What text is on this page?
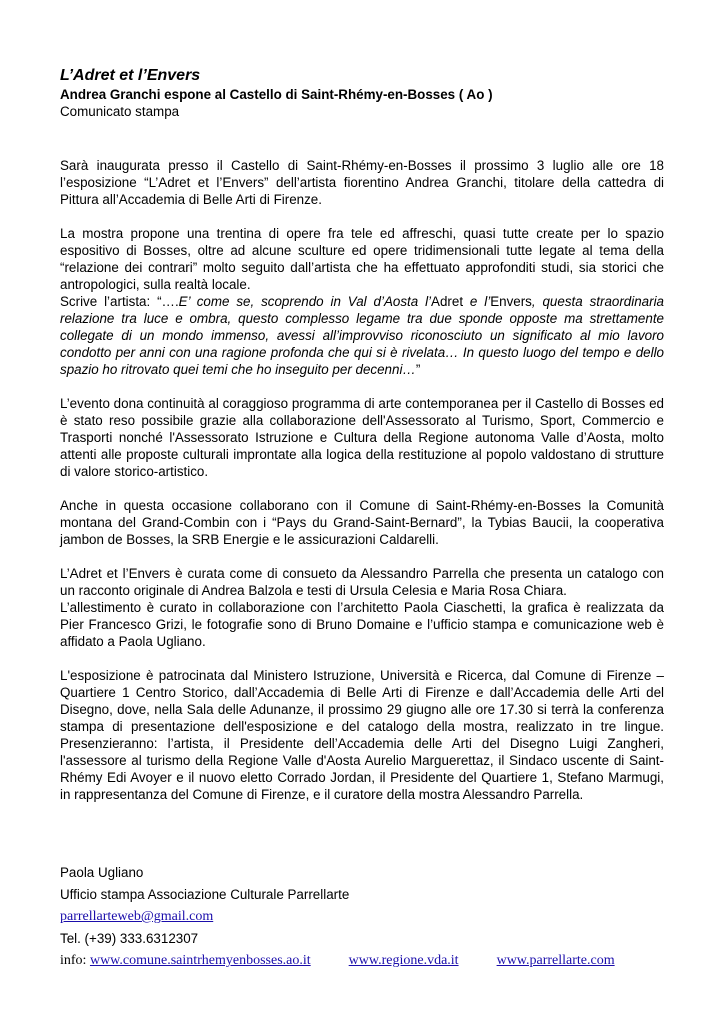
L’Adret et l’Envers

Andrea Granchi espone al Castello di Saint-Rhémy-en-Bosses ( Ao )

Comunicato stampa

Sarà inaugurata presso il Castello di Saint-Rhémy-en-Bosses il prossimo 3 luglio alle ore 18 l’esposizione “L’Adret et l’Envers” dell’artista fiorentino Andrea Granchi, titolare della cattedra di Pittura all’Accademia di Belle Arti di Firenze.

La mostra propone una trentina di opere fra tele ed affreschi, quasi tutte create per lo spazio espositivo di Bosses, oltre ad alcune sculture ed opere tridimensionali tutte legate al tema della “relazione dei contrari” molto seguito dall’artista che ha effettuato approfonditi studi, sia storici che antropologici, sulla realtà locale.

Scrive l’artista: “….E’ come se, scoprendo in Val d’Aosta l’Adret e l’Envers, questa straordinaria relazione tra luce e ombra, questo complesso legame tra due sponde opposte ma strettamente collegate di un mondo immenso, avessi all’improvviso riconosciuto un significato al mio lavoro condotto per anni con una ragione profonda che qui si è rivelata… In questo luogo del tempo e dello spazio ho ritrovato quei temi che ho inseguito per decenni…”

L’evento dona continuità al coraggioso programma di arte contemporanea per il Castello di Bosses ed è stato reso possibile grazie alla collaborazione dell'Assessorato al Turismo, Sport, Commercio e Trasporti nonché l'Assessorato Istruzione e Cultura della Regione autonoma Valle d’Aosta, molto attenti alle proposte culturali improntate alla logica della restituzione al popolo valdostano di strutture di valore storico-artistico.

Anche in questa occasione collaborano con il Comune di Saint-Rhémy-en-Bosses la Comunità montana del Grand-Combin con i “Pays du Grand-Saint-Bernard”, la Tybias Baucii, la cooperativa jambon de Bosses, la SRB Energie e le assicurazioni Caldarelli.

L’Adret et l’Envers è curata come di consueto da Alessandro Parrella che presenta un catalogo con un racconto originale di Andrea Balzola e testi di Ursula Celesia e Maria Rosa Chiara.

L’allestimento è curato in collaborazione con l’architetto Paola Ciaschetti, la grafica è realizzata da Pier Francesco Grizi, le fotografie sono di Bruno Domaine e l’ufficio stampa e comunicazione web è affidato a Paola Ugliano.

L'esposizione è patrocinata dal Ministero Istruzione, Università e Ricerca, dal Comune di Firenze – Quartiere 1 Centro Storico, dall’Accademia di Belle Arti di Firenze e dall’Accademia delle Arti del Disegno, dove, nella Sala delle Adunanze, il prossimo 29 giugno alle ore 17.30 si terrà la conferenza stampa di presentazione dell'esposizione e del catalogo della mostra, realizzato in tre lingue. Presenzieranno: l’artista, il Presidente dell’Accademia delle Arti del Disegno Luigi Zangheri, l'assessore al turismo della Regione Valle d'Aosta Aurelio Marguerettaz, il Sindaco uscente di Saint-Rhémy Edi Avoyer e il nuovo eletto Corrado Jordan, il Presidente del Quartiere 1, Stefano Marmugi, in rappresentanza del Comune di Firenze, e il curatore della mostra Alessandro Parrella.

Paola Ugliano
Ufficio stampa Associazione Culturale Parrellarte
parrellarteweb@gmail.com
Tel. (+39) 333.6312307
info: www.comune.saintrhemyenbosses.ao.it	www.regione.vda.it	www.parrellarte.com
